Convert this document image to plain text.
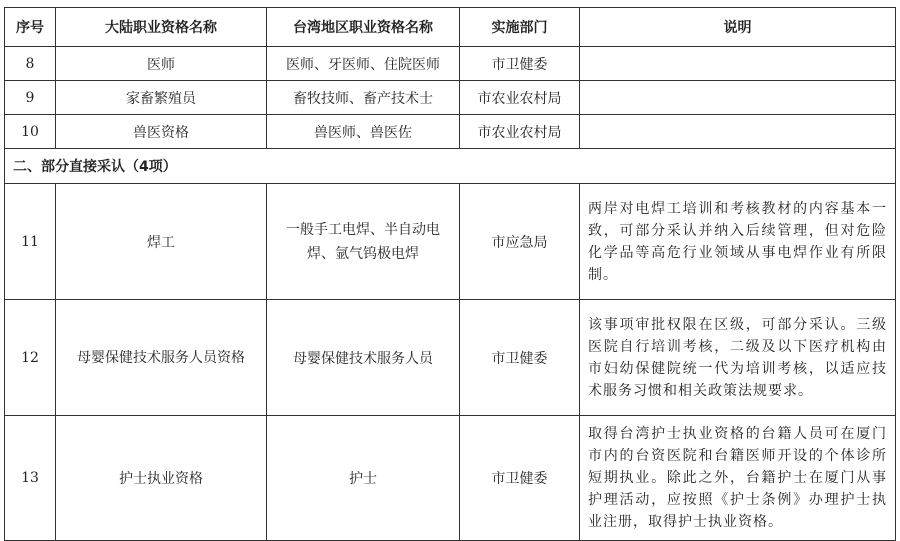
序号	大陆职业资格名称	台湾地区职业资格名称	实施部门	说明
8	医师	医师、牙医师、住院医师	市卫健委	
9	家畜繁殖员	畜牧技师、畜产技术士	市农业农村局	
10	兽医资格	兽医师、兽医佐	市农业农村局	
二、部分直接采认（4项）				
11	焊工	一般手工电焊、半自动电焊、氩气钨极电焊	市应急局	两岸对电焊工培训和考核教材的内容基本一致，可部分采认并纳入后续管理，但对危险化学品等高危行业领域从事电焊作业有所限制。
12	母婴保健技术服务人员资格	母婴保健技术服务人员	市卫健委	该事项审批权限在区级，可部分采认。三级医院自行培训考核，二级及以下医疗机构由市妇幼保健院统一代为培训考核，以适应技术服务习惯和相关政策法规要求。
13	护士执业资格	护士	市卫健委	取得台湾护士执业资格的台籍人员可在厦门市内的台资医院和台籍医师开设的个体诊所短期执业。除此之外，台籍护士在厦门从事护理活动，应按照《护士条例》办理护士执业注册，取得护士执业资格。
